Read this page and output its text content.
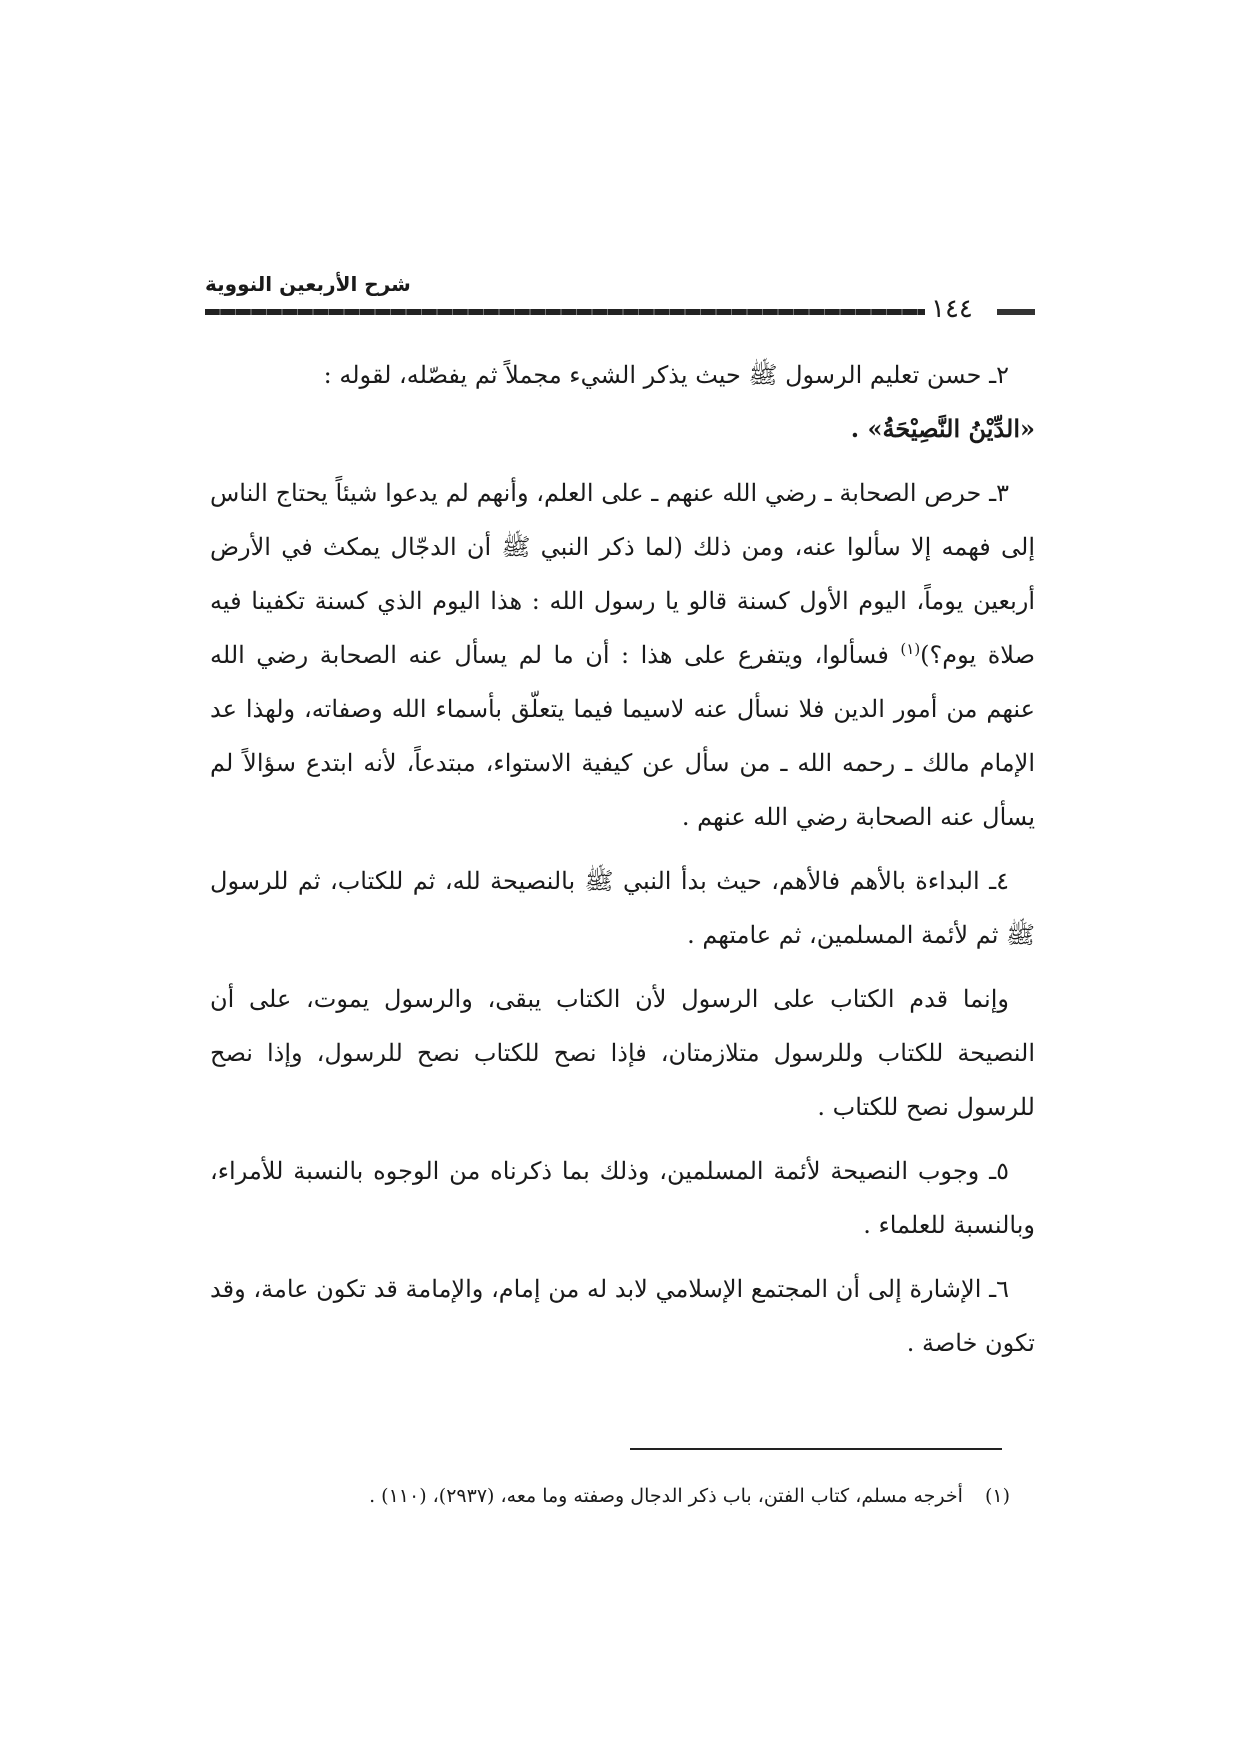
شرح الأربعين النووية
١٤٤

٢ـ حسن تعليم الرسول ﷺ حيث يذكر الشيء مجملاً ثم يفصّله، لقوله :
«الدِّيْنُ النَّصِيْحَةُ» .

٣ـ حرص الصحابة ـ رضي الله عنهم ـ على العلم، وأنهم لم يدعوا شيئاً يحتاج الناس إلى فهمه إلا سألوا عنه، ومن ذلك (لما ذكر النبي ﷺ أن الدجّال يمكث في الأرض أربعين يوماً، اليوم الأول كسنة قالو يا رسول الله : هذا اليوم الذي كسنة تكفينا فيه صلاة يوم؟)$^{(١)}$ فسألوا، ويتفرع على هذا : أن ما لم يسأل عنه الصحابة رضي الله عنهم من أمور الدين فلا نسأل عنه لاسيما فيما يتعلّق بأسماء الله وصفاته، ولهذا عد الإمام مالك ـ رحمه الله ـ من سأل عن كيفية الاستواء، مبتدعاً، لأنه ابتدع سؤالاً لم يسأل عنه الصحابة رضي الله عنهم .

٤ـ البداءة بالأهم فالأهم، حيث بدأ النبي ﷺ بالنصيحة لله، ثم للكتاب، ثم للرسول ﷺ ثم لأئمة المسلمين، ثم عامتهم .

وإنما قدم الكتاب على الرسول لأن الكتاب يبقى، والرسول يموت، على أن النصيحة للكتاب وللرسول متلازمتان، فإذا نصح للكتاب نصح للرسول، وإذا نصح للرسول نصح للكتاب .

٥ـ وجوب النصيحة لأئمة المسلمين، وذلك بما ذكرناه من الوجوه بالنسبة للأمراء، وبالنسبة للعلماء .

٦ـ الإشارة إلى أن المجتمع الإسلامي لابد له من إمام، والإمامة قد تكون عامة، وقد تكون خاصة .

(١)أخرجه مسلم، كتاب الفتن، باب ذكر الدجال وصفته وما معه، (٢٩٣٧)، (١١٠) .
